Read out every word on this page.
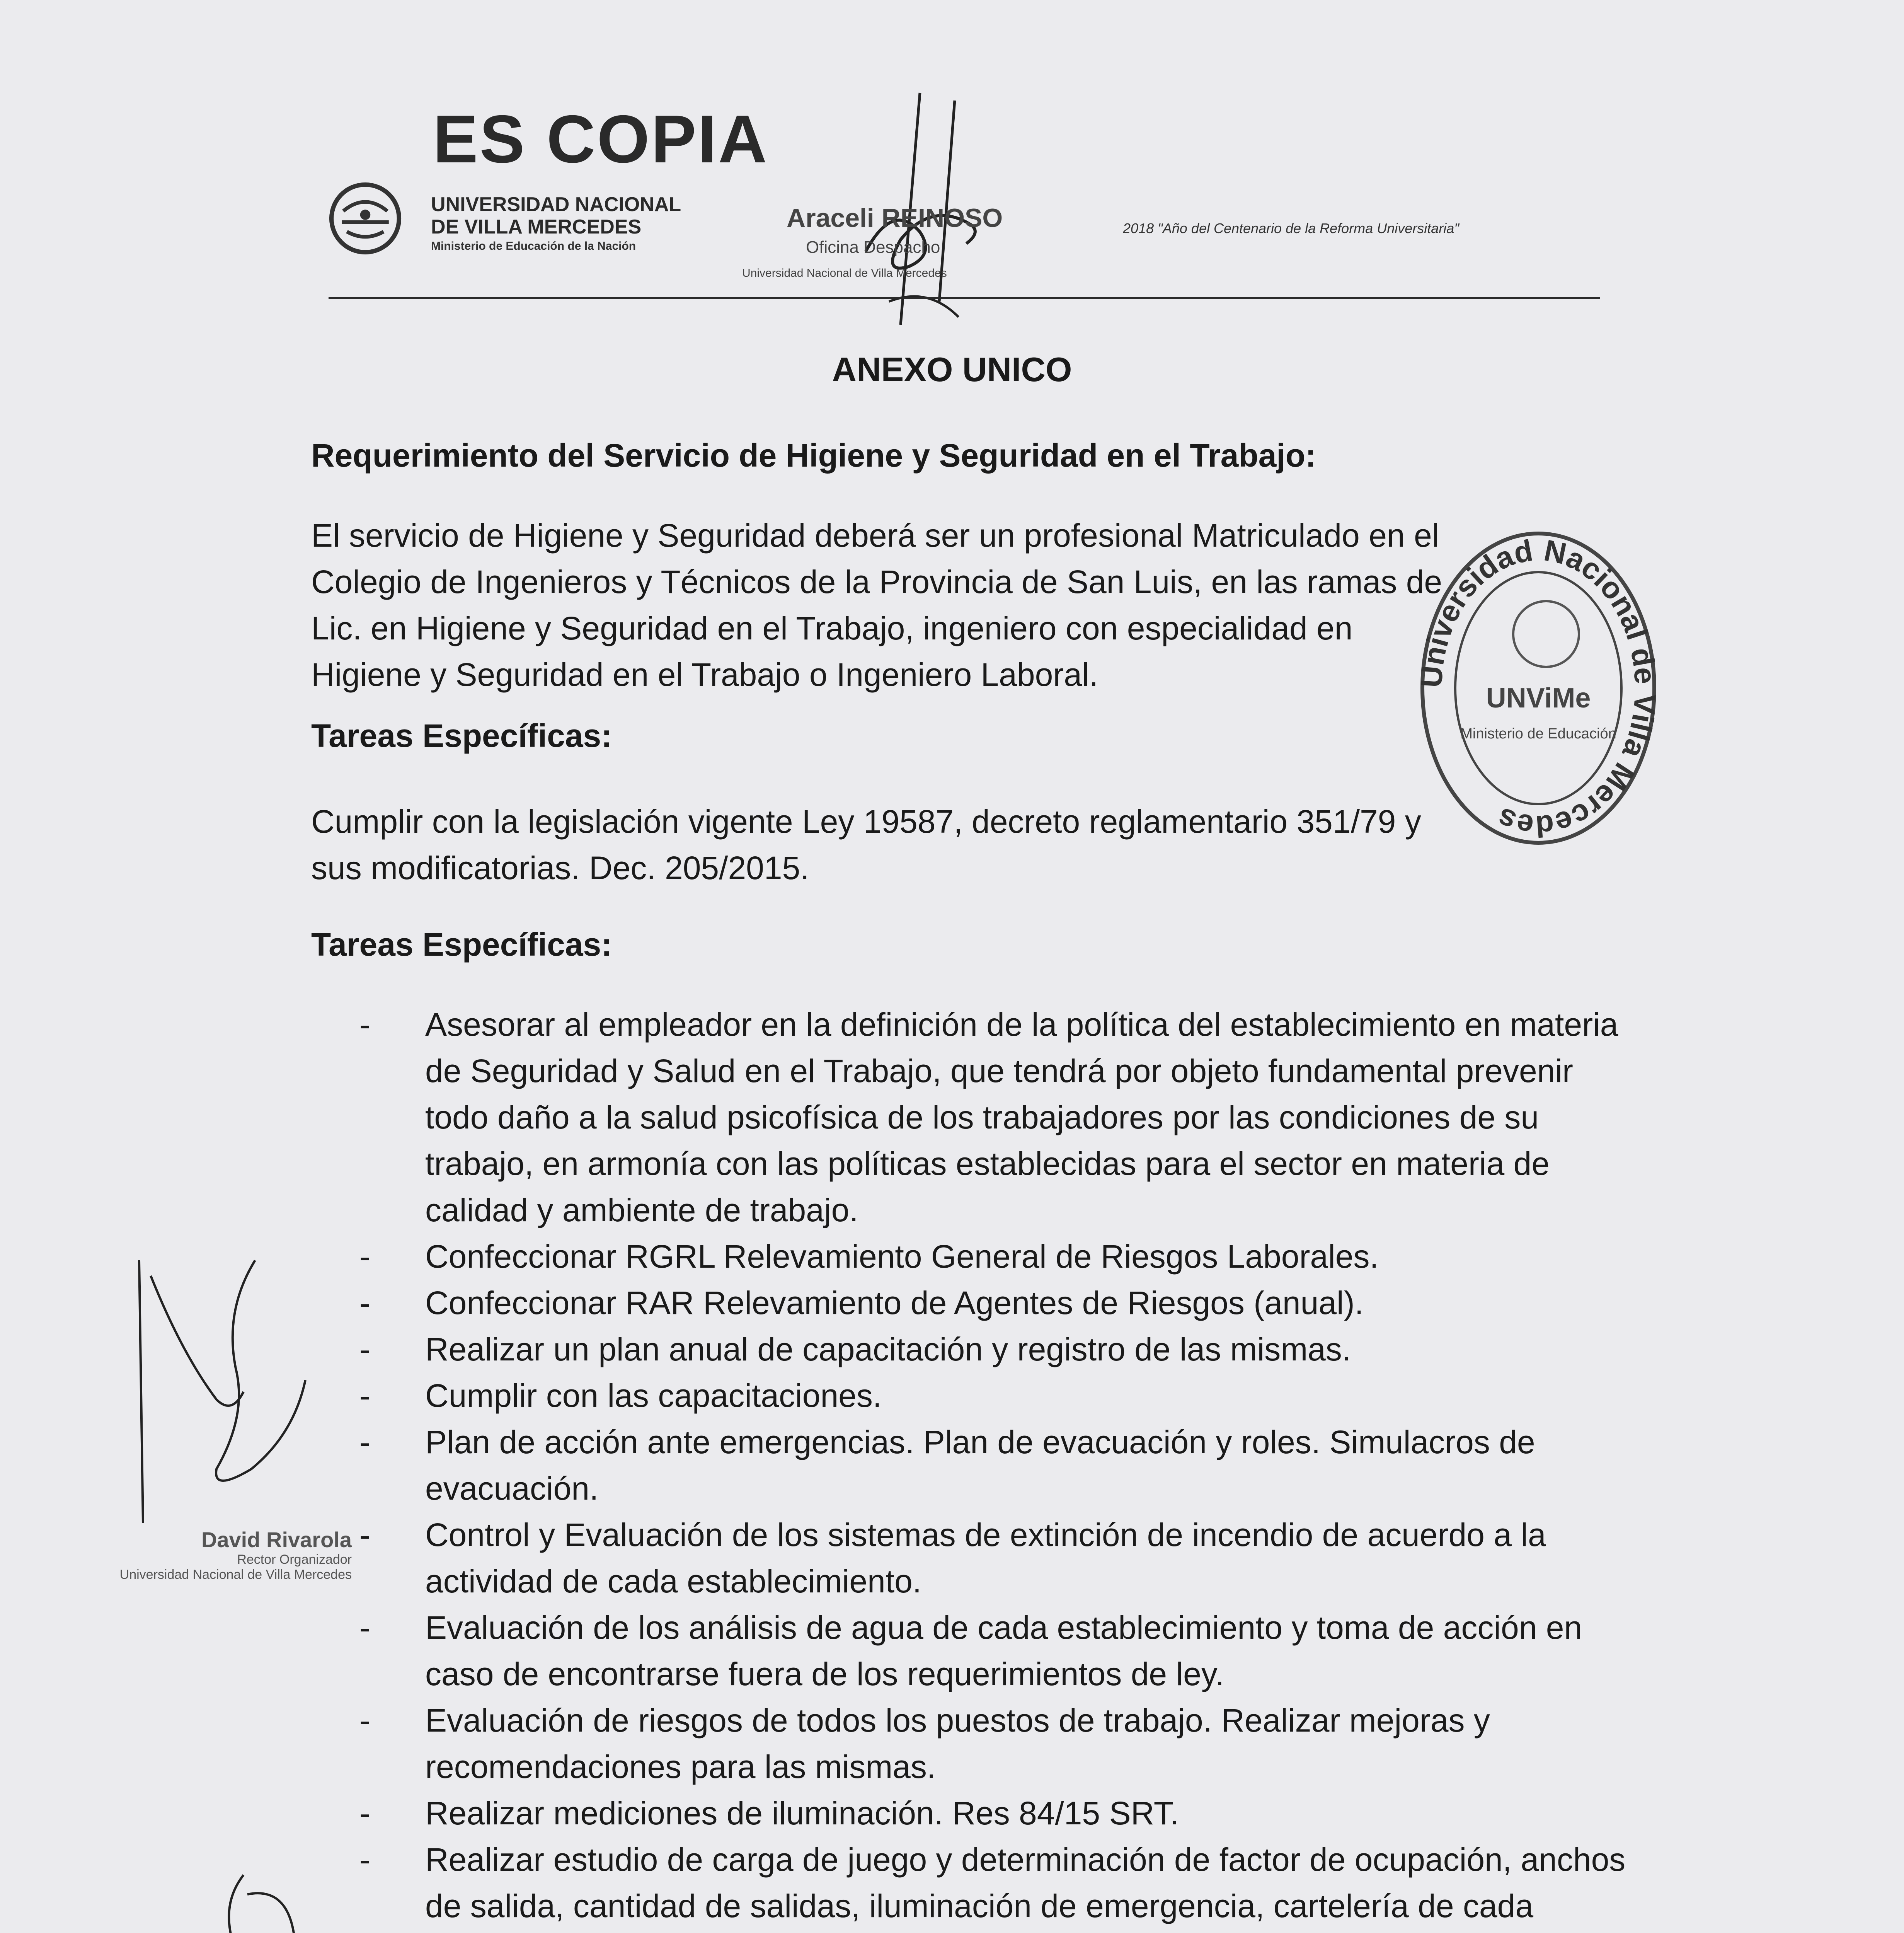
ES COPIA
UNIVERSIDAD NACIONAL
DE VILLA MERCEDES
Ministerio de Educación de la Nación
Araceli REINOSO
Oficina Despacho
Universidad Nacional de Villa Mercedes
2018 "Año del Centenario de la Reforma Universitaria"
ANEXO UNICO
Requerimiento del Servicio de Higiene y Seguridad en el Trabajo:
El servicio de Higiene y Seguridad deberá ser un profesional Matriculado en el
Colegio de Ingenieros y Técnicos de la Provincia de San Luis, en las ramas de
Lic. en Higiene y Seguridad en el Trabajo, ingeniero con especialidad en
Higiene y Seguridad en el Trabajo o Ingeniero Laboral.
Tareas Específicas:
Cumplir con la legislación vigente Ley 19587, decreto reglamentario 351/79 y
sus modificatorias. Dec. 205/2015.
Tareas Específicas:
- Asesorar al empleador en la definición de la política del establecimiento en materia de Seguridad y Salud en el Trabajo, que tendrá por objeto fundamental prevenir todo daño a la salud psicofísica de los trabajadores por las condiciones de su trabajo, en armonía con las políticas establecidas para el sector en materia de calidad y ambiente de trabajo.
- Confeccionar RGRL Relevamiento General de Riesgos Laborales.
- Confeccionar RAR Relevamiento de Agentes de Riesgos (anual).
- Realizar un plan anual de capacitación y registro de las mismas.
- Cumplir con las capacitaciones.
- Plan de acción ante emergencias. Plan de evacuación y roles. Simulacros de evacuación.
- Control y Evaluación de los sistemas de extinción de incendio de acuerdo a la actividad de cada establecimiento.
- Evaluación de los análisis de agua de cada establecimiento y toma de acción en caso de encontrarse fuera de los requerimientos de ley.
- Evaluación de riesgos de todos los puestos de trabajo. Realizar mejoras y recomendaciones para las mismas.
- Realizar mediciones de iluminación. Res 84/15 SRT.
- Realizar estudio de carga de juego y determinación de factor de ocupación, anchos de salida, cantidad de salidas, iluminación de emergencia, cartelería de cada
Universidad Nacional de Villa Mercedes
UNViMe
Ministerio de Educación
David Rivarola
Rector Organizador
Universidad Nacional de Villa Mercedes
